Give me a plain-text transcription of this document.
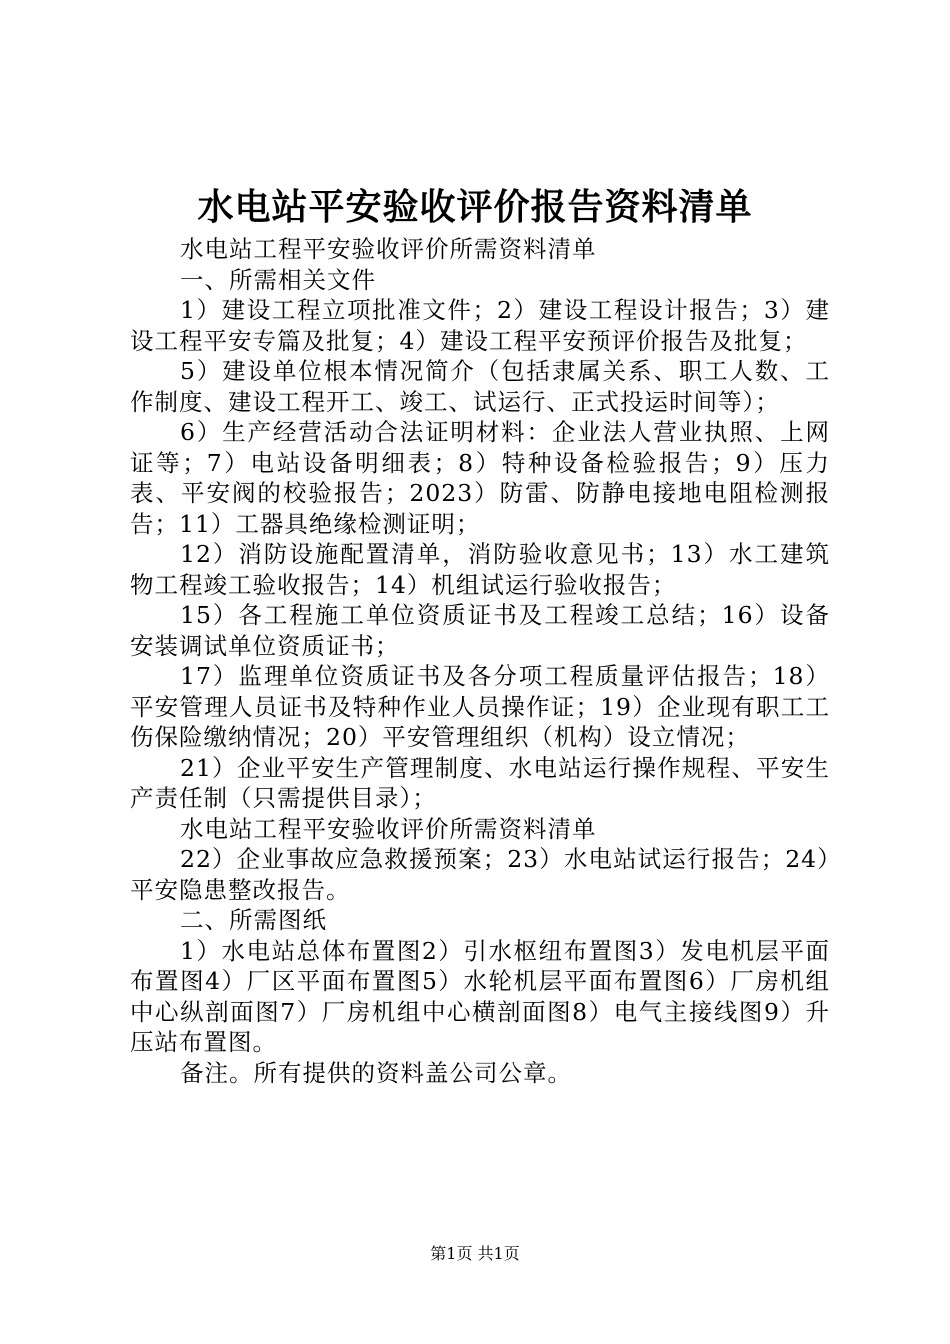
水电站平安验收评价报告资料清单

水电站工程平安验收评价所需资料清单

一、所需相关文件

1）建设工程立项批准文件；2）建设工程设计报告；3）建设工程平安专篇及批复；4）建设工程平安预评价报告及批复；

5）建设单位根本情况简介（包括隶属关系、职工人数、工作制度、建设工程开工、竣工、试运行、正式投运时间等）；

6）生产经营活动合法证明材料：企业法人营业执照、上网证等；7）电站设备明细表；8）特种设备检验报告；9）压力表、平安阀的校验报告；2023）防雷、防静电接地电阻检测报告；11）工器具绝缘检测证明；

12）消防设施配置清单，消防验收意见书；13）水工建筑物工程竣工验收报告；14）机组试运行验收报告；

15）各工程施工单位资质证书及工程竣工总结；16）设备安装调试单位资质证书；

17）监理单位资质证书及各分项工程质量评估报告；18）平安管理人员证书及特种作业人员操作证；19）企业现有职工工伤保险缴纳情况；20）平安管理组织（机构）设立情况；

21）企业平安生产管理制度、水电站运行操作规程、平安生产责任制（只需提供目录）；

水电站工程平安验收评价所需资料清单

22）企业事故应急救援预案；23）水电站试运行报告；24）平安隐患整改报告。

二、所需图纸

1）水电站总体布置图2）引水枢纽布置图3）发电机层平面布置图4）厂区平面布置图5）水轮机层平面布置图6）厂房机组中心纵剖面图7）厂房机组中心横剖面图8）电气主接线图9）升压站布置图。

备注。所有提供的资料盖公司公章。

第1页 共1页
